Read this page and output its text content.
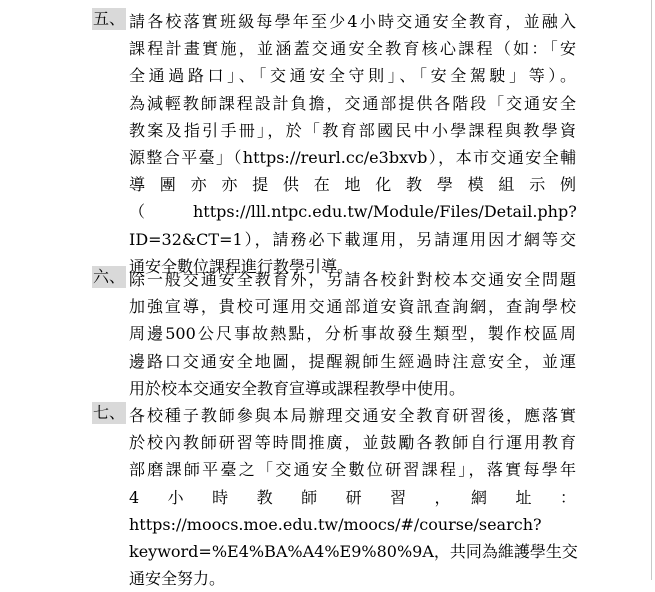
五、 請各校落實班級每學年至少4小時交通安全教育，並融入
課程計畫實施，並涵蓋交通安全教育核心課程（如：「安
全通過路口」、「交通安全守則」、「安全駕駛」等）。
為減輕教師課程設計負擔，交通部提供各階段「交通安全
教案及指引手冊」，於「教育部國民中小學課程與教學資
源整合平臺」（https://reurl.cc/e3bxvb），本市交通安全輔
導團亦亦提供在地化教學模組示例
（　　　https://lll.ntpc.edu.tw/Module/Files/Detail.php?
ID=32&CT=1），請務必下載運用，另請運用因才網等交
通安全數位課程進行教學引導。
六、 除一般交通安全教育外，另請各校針對校本交通安全問題
加強宣導，貴校可運用交通部道安資訊查詢網，查詢學校
周邊500公尺事故熱點，分析事故發生類型，製作校區周
邊路口交通安全地圖，提醒親師生經過時注意安全，並運
用於校本交通安全教育宣導或課程教學中使用。
七、 各校種子教師參與本局辦理交通安全教育研習後，應落實
於校內教師研習等時間推廣，並鼓勵各教師自行運用教育
部磨課師平臺之「交通安全數位研習課程」，落實每學年
4　小　時　教　師　研　習　，　網　址　：
https://moocs.moe.edu.tw/moocs/#/course/search?
keyword=%E4%BA%A4%E9%80%9A，共同為維護學生交
通安全努力。
